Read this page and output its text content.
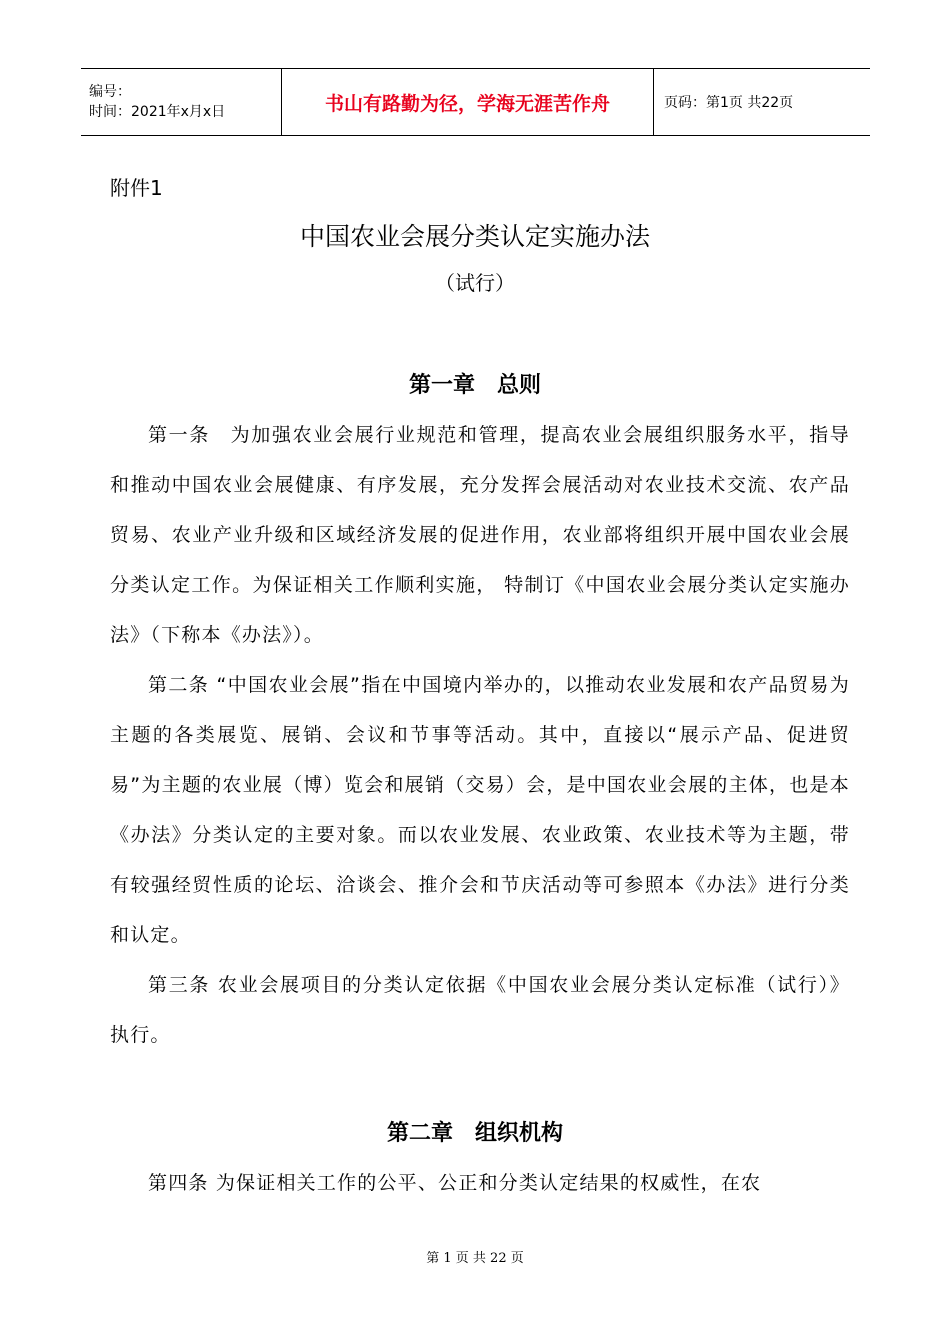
编号：
时间：2021年x月x日	书山有路勤为径，学海无涯苦作舟	页码：第1页 共22页
附件1
中国农业会展分类认定实施办法
（试行）
第一章　总则

第一条　为加强农业会展行业规范和管理，提高农业会展组织服务水平，指导和推动中国农业会展健康、有序发展，充分发挥会展活动对农业技术交流、农产品贸易、农业产业升级和区域经济发展的促进作用，农业部将组织开展中国农业会展分类认定工作。为保证相关工作顺利实施， 特制订《中国农业会展分类认定实施办法》（下称本《办法》）。

第二条 “中国农业会展”指在中国境内举办的，以推动农业发展和农产品贸易为主题的各类展览、展销、会议和节事等活动。其中，直接以“展示产品、促进贸易”为主题的农业展（博）览会和展销（交易）会，是中国农业会展的主体，也是本《办法》分类认定的主要对象。而以农业发展、农业政策、农业技术等为主题，带有较强经贸性质的论坛、洽谈会、推介会和节庆活动等可参照本《办法》进行分类和认定。

第三条 农业会展项目的分类认定依据《中国农业会展分类认定标准（试行）》执行。

第二章　组织机构

第四条 为保证相关工作的公平、公正和分类认定结果的权威性，在农

第 1 页 共 22 页
